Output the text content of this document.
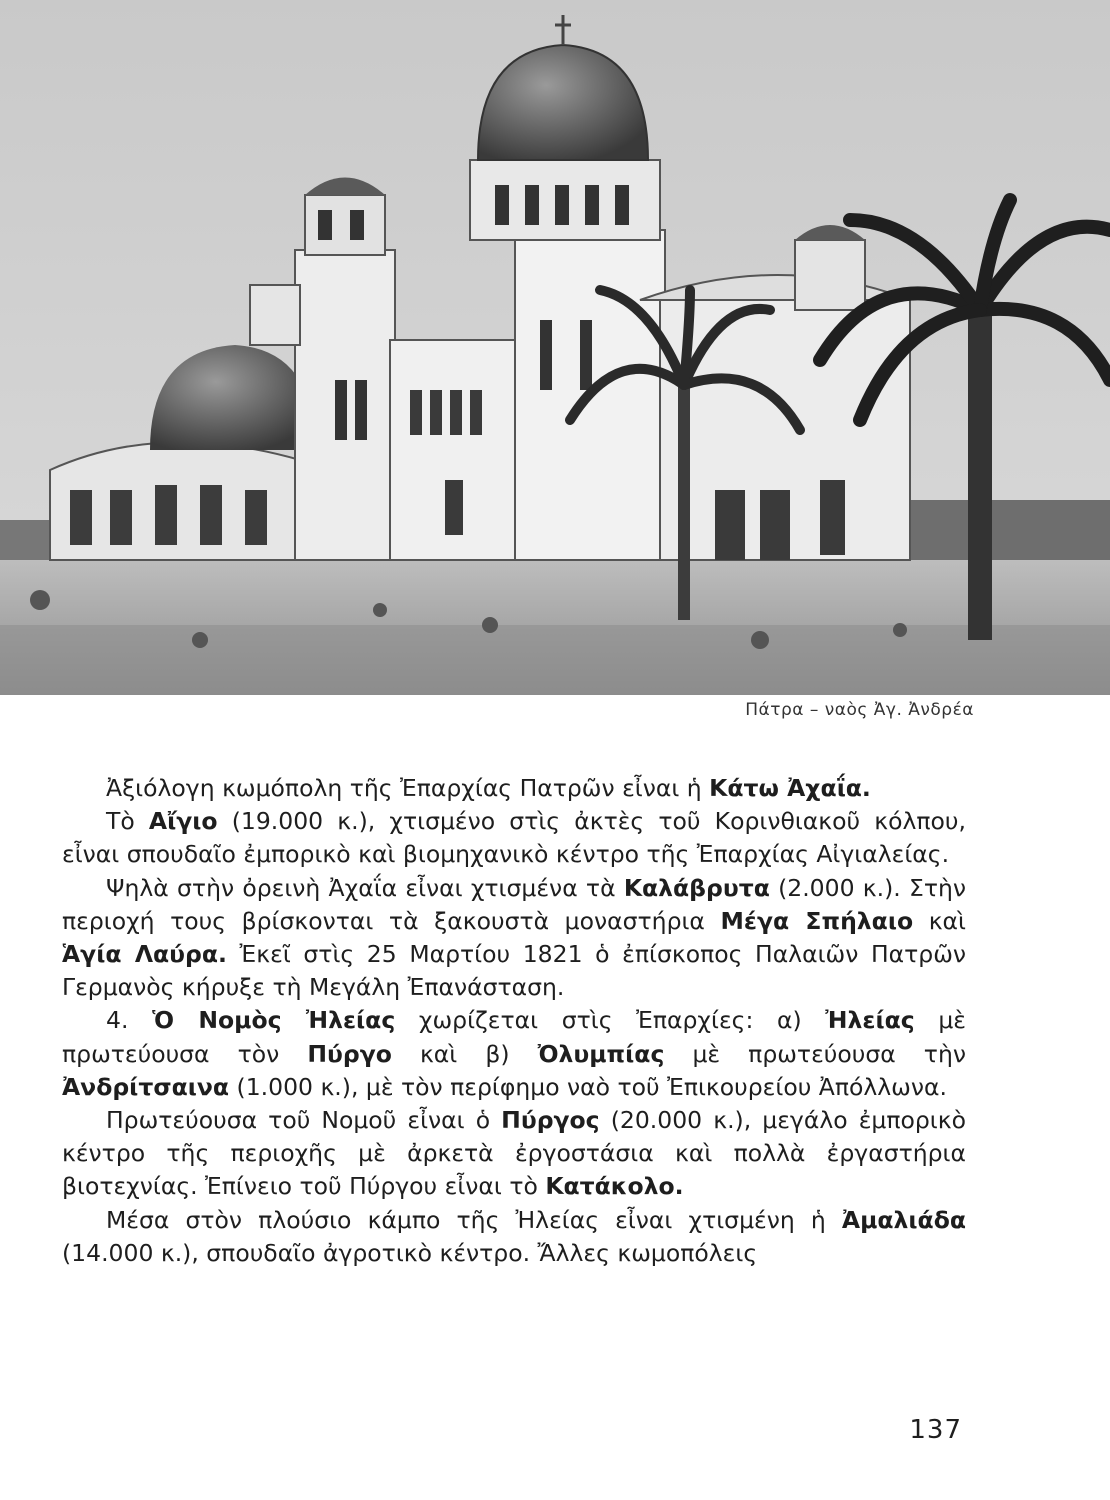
Πάτρα – ναὸς Ἀγ. Ἀνδρέα

Ἀξιόλογη κωμόπολη τῆς Ἐπαρχίας Πατρῶν εἶναι ἡ Κάτω Ἀχαΐα.

Τὸ Αἴγιο (19.000 κ.), χτισμένο στὶς ἀκτὲς τοῦ Κορινθιακοῦ κόλπου, εἶναι σπουδαῖο ἐμπορικὸ καὶ βιομηχανικὸ κέντρο τῆς Ἐπαρχίας Αἰγιαλείας.

Ψηλὰ στὴν ὀρεινὴ Ἀχαΐα εἶναι χτισμένα τὰ Καλάβρυτα (2.000 κ.). Στὴν περιοχή τους βρίσκονται τὰ ξακουστὰ μοναστήρια Μέγα Σπήλαιο καὶ Ἁγία Λαύρα. Ἐκεῖ στὶς 25 Μαρτίου 1821 ὁ ἐπίσκοπος Παλαιῶν Πατρῶν Γερμανὸς κήρυξε τὴ Μεγάλη Ἐπανάσταση.

4. Ὁ Νομὸς Ἠλείας χωρίζεται στὶς Ἐπαρχίες: α) Ἠλείας μὲ πρωτεύουσα τὸν Πύργο καὶ β) Ὀλυμπίας μὲ πρωτεύουσα τὴν Ἀνδρίτσαινα (1.000 κ.), μὲ τὸν περίφημο ναὸ τοῦ Ἐπικουρείου Ἀπόλλωνα.

Πρωτεύουσα τοῦ Νομοῦ εἶναι ὁ Πύργος (20.000 κ.), μεγάλο ἐμπορικὸ κέντρο τῆς περιοχῆς μὲ ἀρκετὰ ἐργοστάσια καὶ πολλὰ ἐργαστήρια βιοτεχνίας. Ἐπίνειο τοῦ Πύργου εἶναι τὸ Κατάκολο.

Μέσα στὸν πλούσιο κάμπο τῆς Ἠλείας εἶναι χτισμένη ἡ Ἀμαλιάδα (14.000 κ.), σπουδαῖο ἀγροτικὸ κέντρο. Ἄλλες κωμοπόλεις

137
